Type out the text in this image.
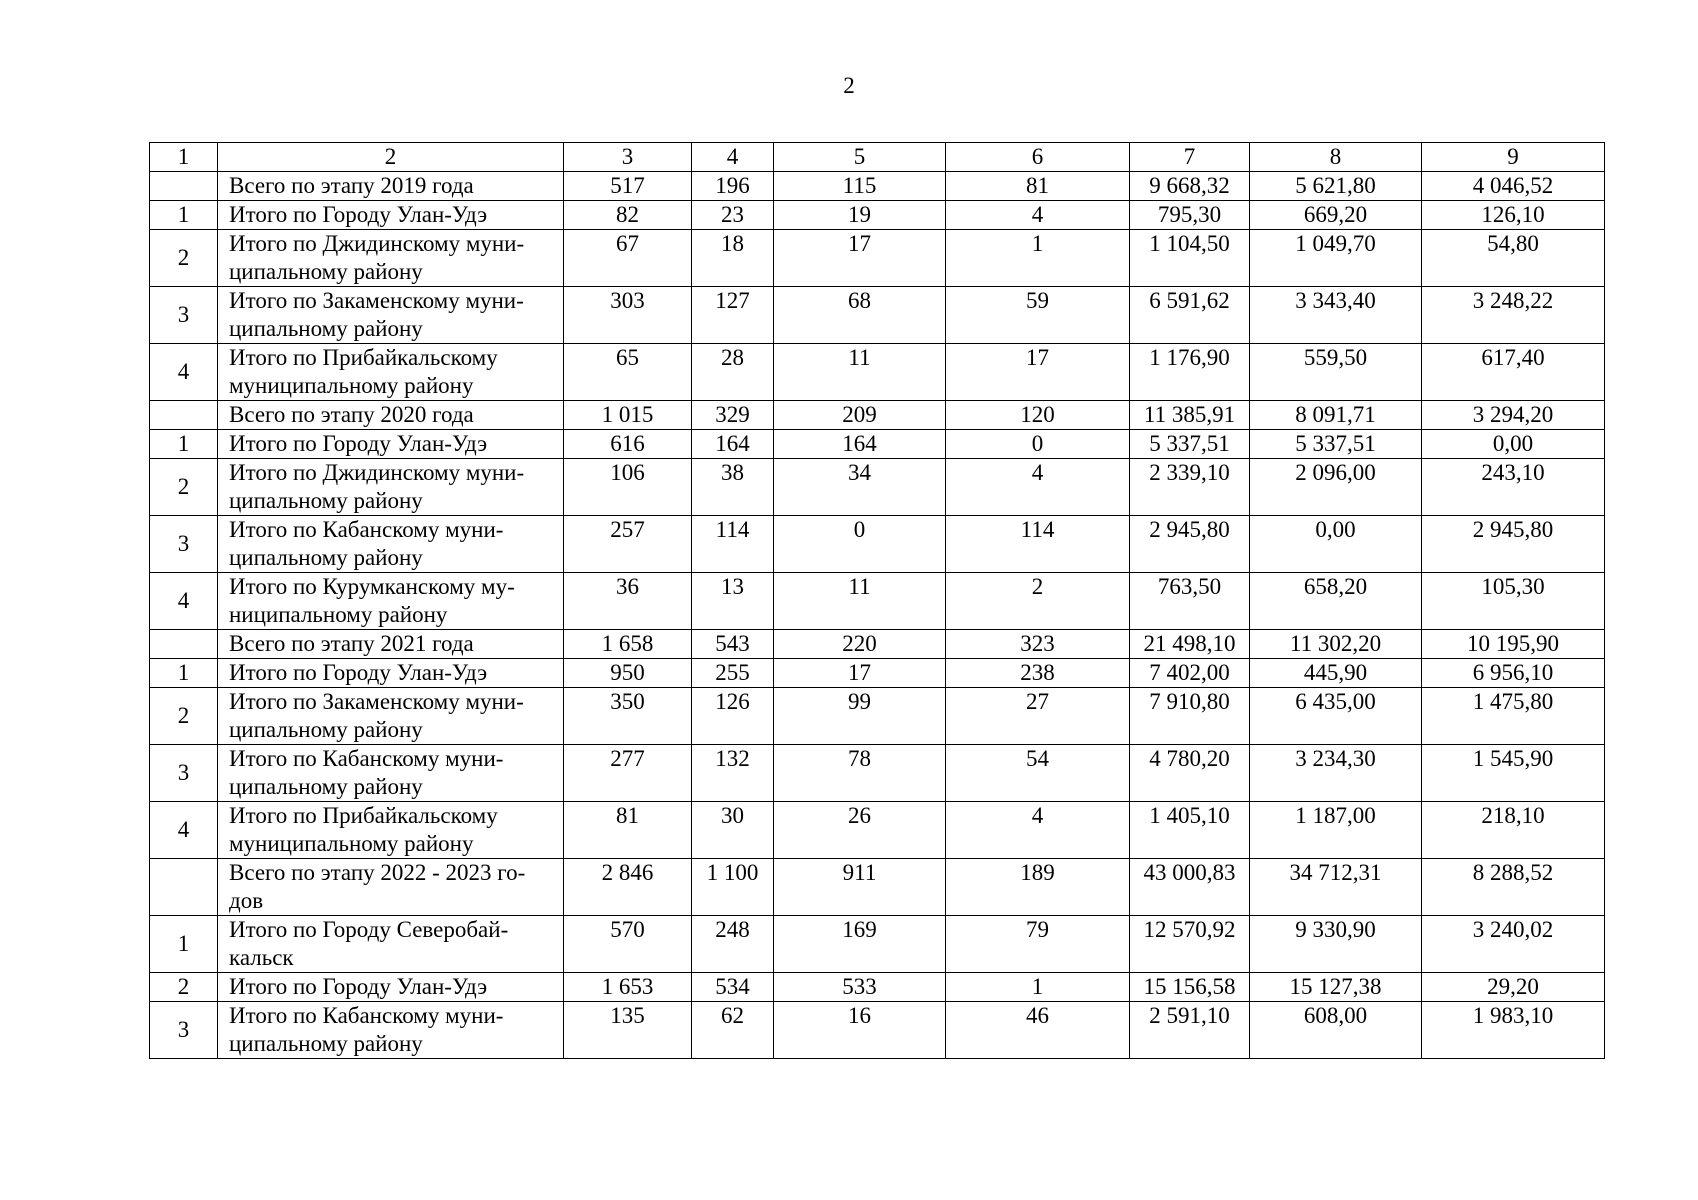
2
1	2	3	4	5	6	7	8	9

	Всего по этапу 2019 года	517	196	115	81	9 668,32	5 621,80	4 046,52
1	Итого по Городу Улан-Удэ	82	23	19	4	795,30	669,20	126,10
2	Итого по Джидинскому муни-
ципальному району	67	18	17	1	1 104,50	1 049,70	54,80
3	Итого по Закаменскому муни-
ципальному району	303	127	68	59	6 591,62	3 343,40	3 248,22
4	Итого по Прибайкальскому
муниципальному району	65	28	11	17	1 176,90	559,50	617,40

	Всего по этапу 2020 года	1 015	329	209	120	11 385,91	8 091,71	3 294,20
1	Итого по Городу Улан-Удэ	616	164	164	0	5 337,51	5 337,51	0,00
2	Итого по Джидинскому муни-
ципальному району	106	38	34	4	2 339,10	2 096,00	243,10
3	Итого по Кабанскому муни-
ципальному району	257	114	0	114	2 945,80	0,00	2 945,80
4	Итого по Курумканскому му-
ниципальному району	36	13	11	2	763,50	658,20	105,30

	Всего по этапу 2021 года	1 658	543	220	323	21 498,10	11 302,20	10 195,90
1	Итого по Городу Улан-Удэ	950	255	17	238	7 402,00	445,90	6 956,10
2	Итого по Закаменскому муни-
ципальному району	350	126	99	27	7 910,80	6 435,00	1 475,80
3	Итого по Кабанскому муни-
ципальному району	277	132	78	54	4 780,20	3 234,30	1 545,90
4	Итого по Прибайкальскому
муниципальному району	81	30	26	4	1 405,10	1 187,00	218,10

	Всего по этапу 2022 - 2023 го-
дов	2 846	1 100	911	189	43 000,83	34 712,31	8 288,52
1	Итого по Городу Северобай-
кальск	570	248	169	79	12 570,92	9 330,90	3 240,02
2	Итого по Городу Улан-Удэ	1 653	534	533	1	15 156,58	15 127,38	29,20
3	Итого по Кабанскому муни-
ципальному району	135	62	16	46	2 591,10	608,00	1 983,10
